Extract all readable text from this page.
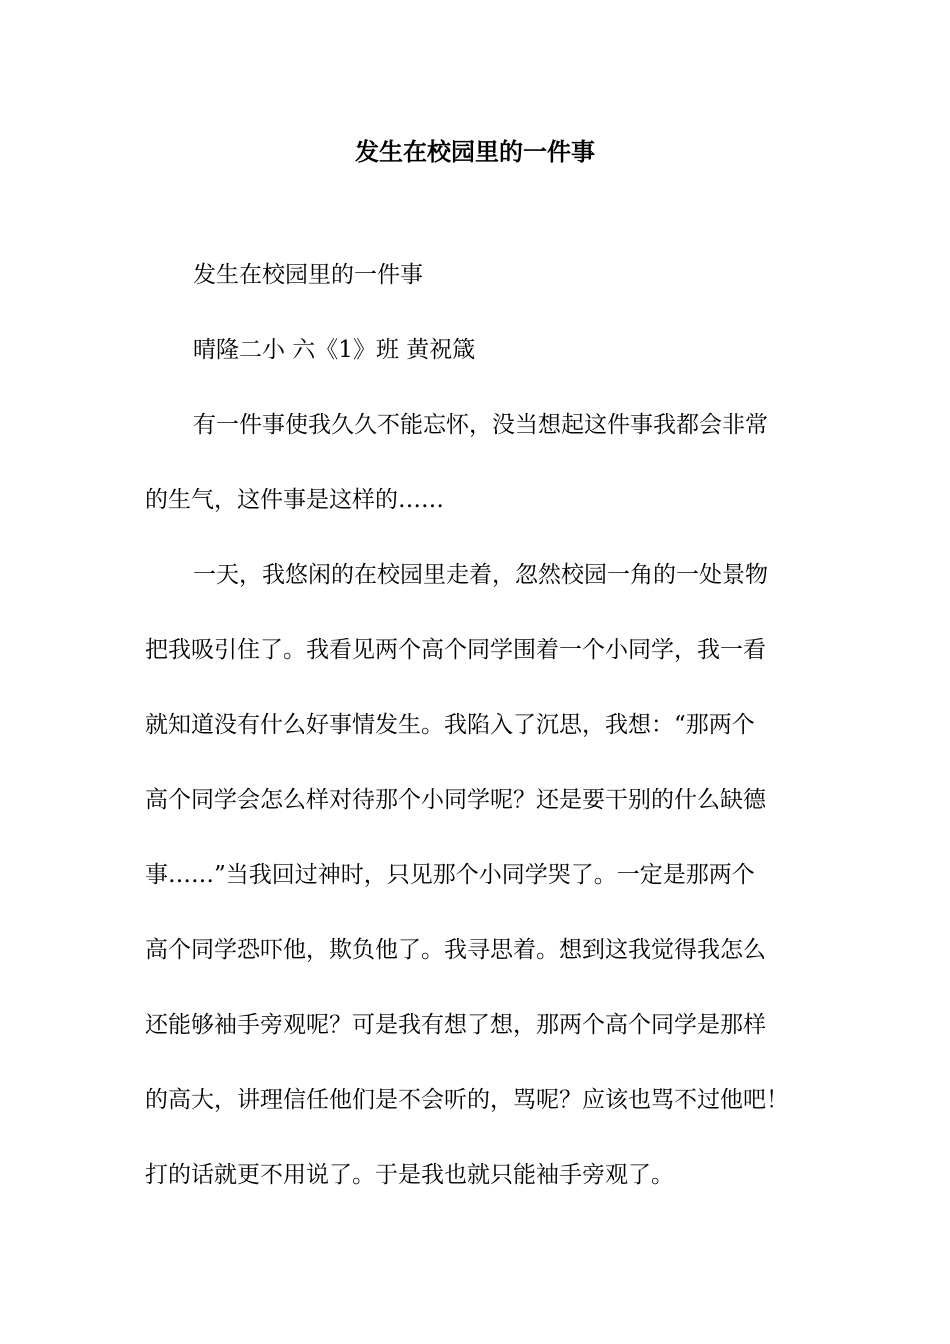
发生在校园里的一件事
发生在校园里的一件事
晴隆二小 六《1》班 黄祝箴
有一件事使我久久不能忘怀，没当想起这件事我都会非常
的生气，这件事是这样的……
一天，我悠闲的在校园里走着，忽然校园一角的一处景物
把我吸引住了。我看见两个高个同学围着一个小同学，我一看
就知道没有什么好事情发生。我陷入了沉思，我想：“那两个
高个同学会怎么样对待那个小同学呢？还是要干别的什么缺德
事……”当我回过神时，只见那个小同学哭了。一定是那两个
高个同学恐吓他，欺负他了。我寻思着。想到这我觉得我怎么
还能够袖手旁观呢？可是我有想了想，那两个高个同学是那样
的高大，讲理信任他们是不会听的，骂呢？应该也骂不过他吧！
打的话就更不用说了。于是我也就只能袖手旁观了。
